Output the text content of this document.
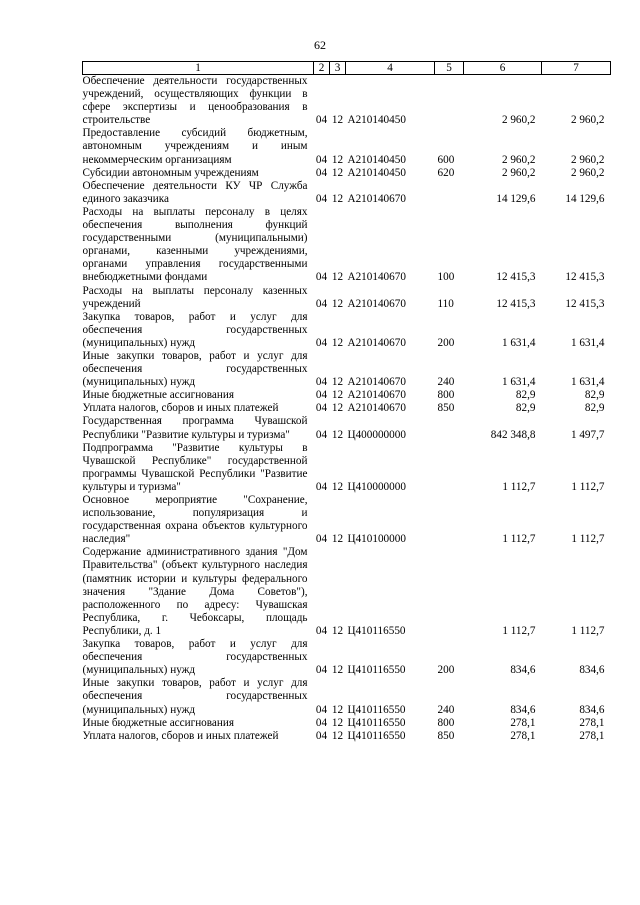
62
1	2	3	4	5	6	7
Обеспечение деятельности государственных учреждений, осуществляющих функции в сфере экспертизы и ценообразования в строительстве	04	12	А210140450		2 960,2	2 960,2
Предоставление субсидий бюджетным, автономным учреждениям и иным некоммерческим организациям	04	12	А210140450	600	2 960,2	2 960,2
Субсидии автономным учреждениям	04	12	А210140450	620	2 960,2	2 960,2
Обеспечение деятельности КУ ЧР Служба единого заказчика	04	12	А210140670		14 129,6	14 129,6
Расходы на выплаты персоналу в целях обеспечения выполнения функций государственными (муниципальными) органами, казенными учреждениями, органами управления государственными внебюджетными фондами	04	12	А210140670	100	12 415,3	12 415,3
Расходы на выплаты персоналу казенных учреждений	04	12	А210140670	110	12 415,3	12 415,3
Закупка товаров, работ и услуг для обеспечения государственных (муниципальных) нужд	04	12	А210140670	200	1 631,4	1 631,4
Иные закупки товаров, работ и услуг для обеспечения государственных (муниципальных) нужд	04	12	А210140670	240	1 631,4	1 631,4
Иные бюджетные ассигнования	04	12	А210140670	800	82,9	82,9
Уплата налогов, сборов и иных платежей	04	12	А210140670	850	82,9	82,9
Государственная программа Чувашской Республики "Развитие культуры и туризма"	04	12	Ц400000000		842 348,8	1 497,7
Подпрограмма "Развитие культуры в Чувашской Республике" государственной программы Чувашской Республики "Развитие культуры и туризма"	04	12	Ц410000000		1 112,7	1 112,7
Основное мероприятие "Сохранение, использование, популяризация и государственная охрана объектов культурного наследия"	04	12	Ц410100000		1 112,7	1 112,7
Содержание административного здания "Дом Правительства" (объект культурного наследия (памятник истории и культуры федерального значения "Здание Дома Советов"), расположенного по адресу: Чувашская Республика, г. Чебоксары, площадь Республики, д. 1	04	12	Ц410116550		1 112,7	1 112,7
Закупка товаров, работ и услуг для обеспечения государственных (муниципальных) нужд	04	12	Ц410116550	200	834,6	834,6
Иные закупки товаров, работ и услуг для обеспечения государственных (муниципальных) нужд	04	12	Ц410116550	240	834,6	834,6
Иные бюджетные ассигнования	04	12	Ц410116550	800	278,1	278,1
Уплата налогов, сборов и иных платежей	04	12	Ц410116550	850	278,1	278,1
